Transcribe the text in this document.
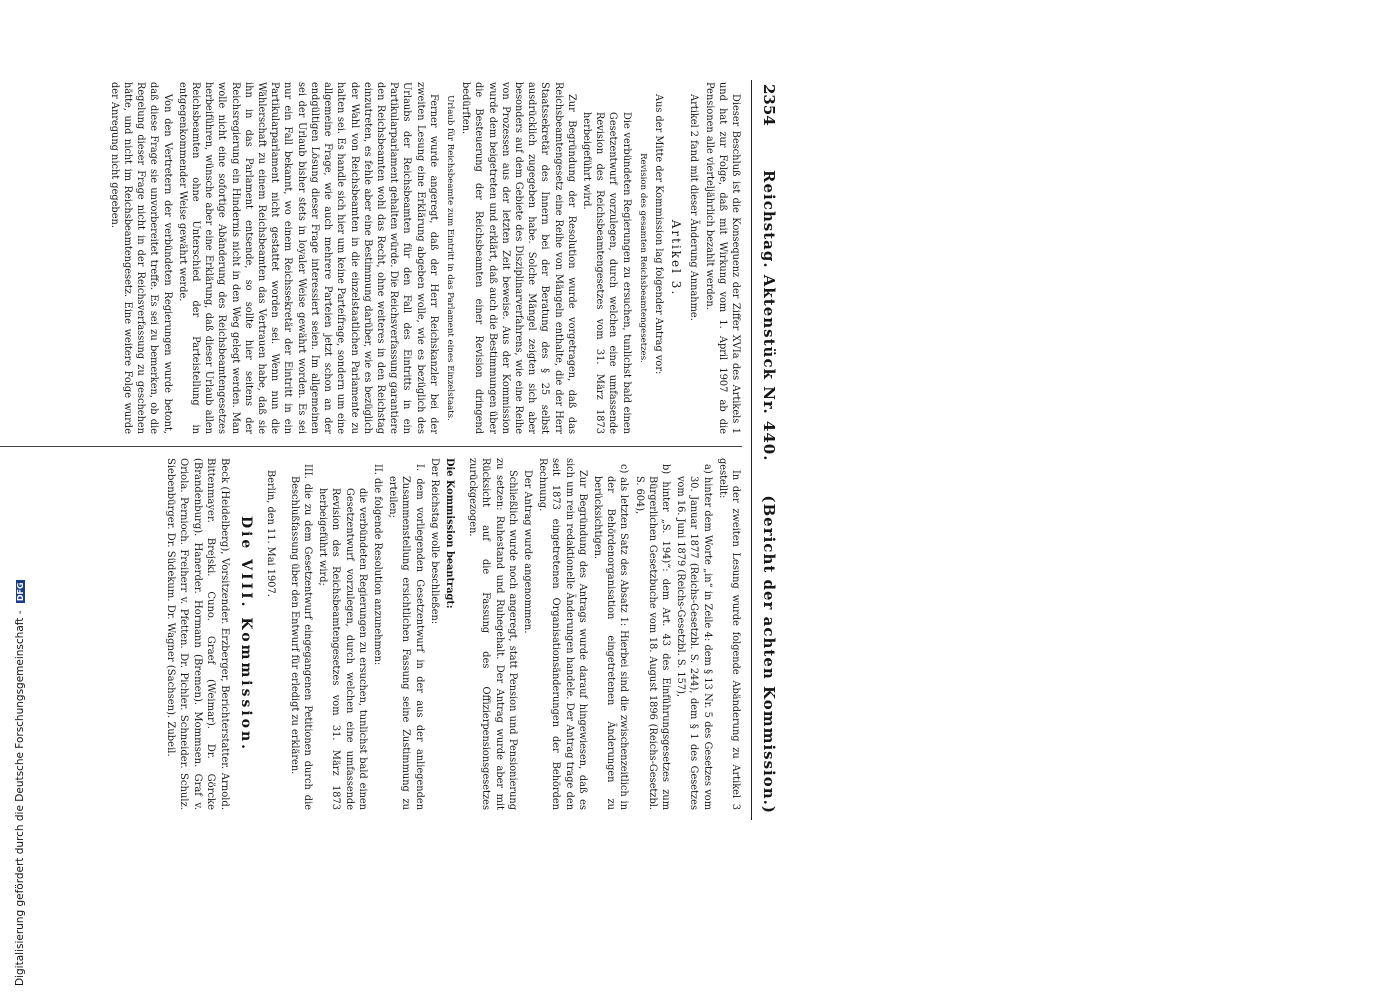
2354
Reichstag. Aktenstück Nr. 440.
(Bericht der achten Kommission.)

Dieser Beschluß ist die Konsequenz der Ziffer XVIa des Artikels 1 und hat zur Folge, daß mit Wirkung vom 1. April 1907 ab die Pensionen alle vierteljährlich bezahlt werden.

Artikel 2 fand mit dieser Änderung Annahme.

Artikel 3.

Aus der Mitte der Kommission lag folgender Antrag vor:

Revision des gesamten Reichsbeamtengesetzes.

Die verbündeten Regierungen zu ersuchen, tunlichst bald einen Gesetzentwurf vorzulegen, durch welchen eine umfassende Revision des Reichsbeamtengesetzes vom 31. März 1873 herbeigeführt wird.

Zur Begründung der Resolution wurde vorgetragen, daß das Reichsbeamtengesetz eine Reihe von Mängeln enthalte, die der Herr Staatssekretär des Innern bei der Beratung des § 25 selbst ausdrücklich zugegeben habe. Solche Mängel zeigten sich aber besonders auf dem Gebiete des Disziplinarverfahrens, wie eine Reihe von Prozessen aus der letzten Zeit beweise. Aus der Kommission wurde dem beigetreten und erklärt, daß auch die Bestimmungen über die Besteuerung der Reichsbeamten einer Revision dringend bedürften.

Urlaub für Reichsbeamte zum Eintritt in das Parlament eines Einzelstaats.

Ferner wurde angeregt, daß der Herr Reichskanzler bei der zweiten Lesung eine Erklärung abgeben wolle, wie es bezüglich des Urlaubs der Reichsbeamten für den Fall des Eintritts in ein Partikularparlament gehalten würde. Die Reichsverfassung garantiere den Reichsbeamten wohl das Recht, ohne weiteres in den Reichstag einzutreten, es fehle aber eine Bestimmung darüber, wie es bezüglich der Wahl von Reichsbeamten in die einzelstaatlichen Parlamente zu halten sei. Es handle sich hier um keine Parteifrage, sondern um eine allgemeine Frage, wie auch mehrere Parteien jetzt schon an der endgültigen Lösung dieser Frage interessiert seien. Im allgemeinen sei der Urlaub bisher stets in loyaler Weise gewährt worden. Es sei nur ein Fall bekannt, wo einem Reichssekretär der Eintritt in ein Partikularparlament nicht gestattet worden sei. Wenn nun die Wählerschaft zu einem Reichsbeamten das Vertrauen habe, daß sie ihn in das Parlament entsende, so sollte hier seitens der Reichsregierung ein Hindernis nicht in den Weg gelegt werden. Man wolle nicht eine sofortige Abänderung des Reichsbeamtengesetzes herbeiführen, wünsche aber eine Erklärung, daß dieser Urlaub allen Reichsbeamten ohne Unterschied der Parteistellung in entgegenkommender Weise gewährt werde.

Von den Vertretern der verbündeten Regierungen wurde betont, daß diese Frage sie unvorbereitet treffe. Es sei zu bemerken, ob die Regelung dieser Frage nicht in der Reichsverfassung zu geschehen hätte, und nicht im Reichsbeamtengesetz. Eine weitere Folge wurde der Anregung nicht gegeben.

In der zweiten Lesung wurde folgende Abänderung zu Artikel 3 gestellt:

a) hinter dem Worte „in“ in Zeile 4: dem § 13 Nr. 5 des Gesetzes vom 30. Januar 1877 (Reichs-Gesetzbl. S. 244), dem § 1 des Gesetzes vom 16. Juni 1879 (Reichs-Gesetzbl. S. 157),

b) hinter „S. 194)“: dem Art. 43 des Einführungsgesetzes zum Bürgerlichen Gesetzbuche vom 18. August 1896 (Reichs-Gesetzbl. S. 604),

c) als letzten Satz des Absatz 1: Hierbei sind die zwischenzeitlich in der Behördenorganisation eingetretenen Änderungen zu berücksichtigen.

Zur Begründung des Antrags wurde darauf hingewiesen, daß es sich um rein redaktionelle Änderungen handele. Der Antrag trage den seit 1873 eingetretenen Organisationsänderungen der Behörden Rechnung.

Der Antrag wurde angenommen.

Schließlich wurde noch angeregt, statt Pension und Pensionierung zu setzen: Ruhestand und Ruhegehalt. Der Antrag wurde aber mit Rücksicht auf die Fassung des Offizierpensionsgesetzes zurückgezogen.

Die Kommission beantragt:

Der Reichstag wolle beschließen:

I. dem vorliegenden Gesetzentwurf in der aus der anliegenden Zusammenstellung ersichtlichen Fassung seine Zustimmung zu erteilen;

II. die folgende Resolution anzunehmen:

die verbündeten Regierungen zu ersuchen, tunlichst bald einen Gesetzentwurf vorzulegen, durch welchen eine umfassende Revision des Reichsbeamtengesetzes vom 31. März 1873 herbeigeführt wird;

III. die zu dem Gesetzentwurf eingegangenen Petitionen durch die Beschlußfassung über den Entwurf für erledigt zu erklären.

Berlin, den 11. Mai 1907.

Die VIII. Kommission.

Beck (Heidelberg), Vorsitzender. Erzberger, Berichterstatter. Arnold. Bittenmayer. Brejski. Cuno. Graef (Weimar). Dr. Görcke (Brandenburg). Hanerder. Hormann (Bremen). Mommsen. Graf v. Oriola. Pernioch. Freiherr v. Pfetten. Dr. Pichler. Schneider. Schulz. Siebenbürger. Dr. Südekum. Dr. Wagner (Sachsen). Zubeil.

Digitalisierung gefördert durch die Deutsche Forschungsgemeinschaft - DFG
